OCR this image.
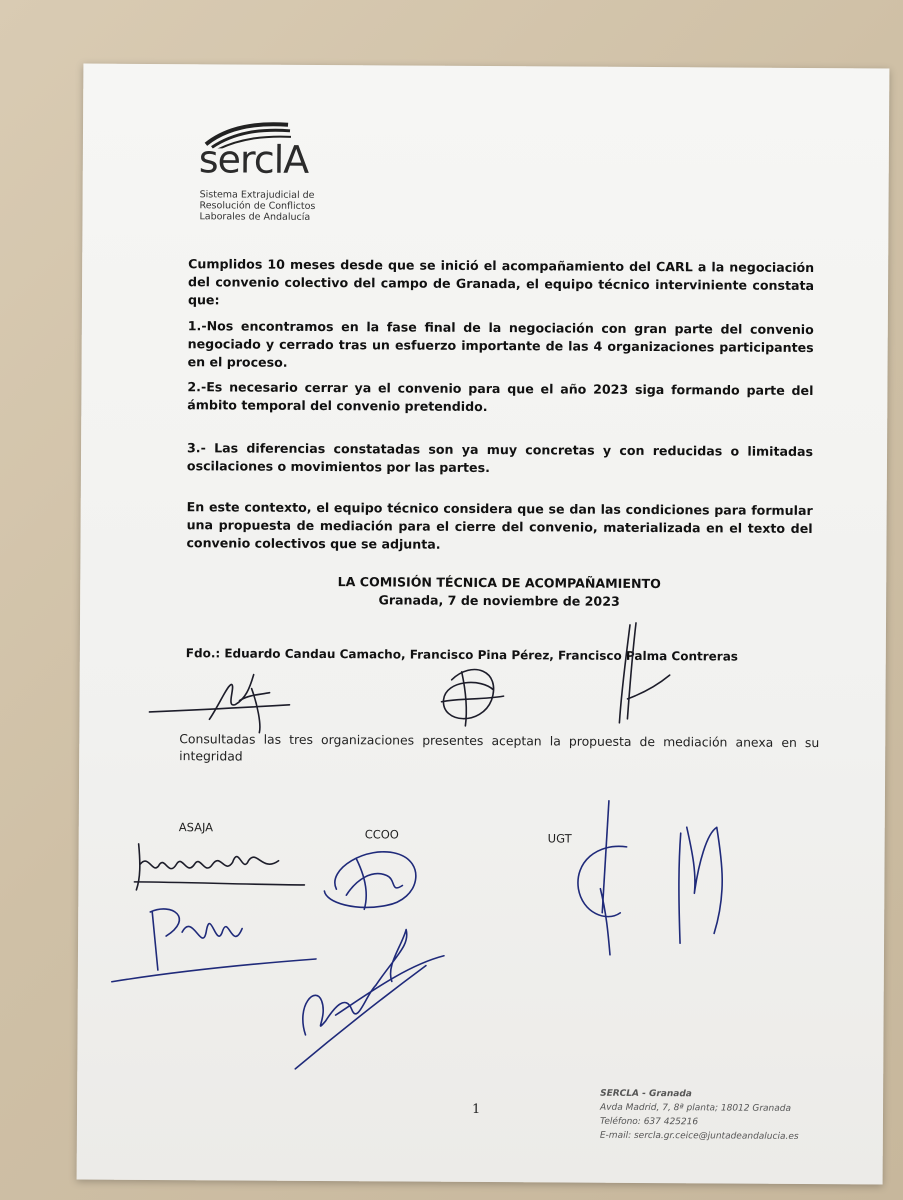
serclA
Sistema Extrajudicial de
Resolución de Conflictos
Laborales de Andalucía

Cumplidos 10 meses desde que se inició el acompañamiento del CARL a la negociación del convenio colectivo del campo de Granada, el equipo técnico interviniente constata que:

1.-Nos encontramos en la fase final de la negociación con gran parte del convenio negociado y cerrado tras un esfuerzo importante de las 4 organizaciones participantes en el proceso.

2.-Es necesario cerrar ya el convenio para que el año 2023 siga formando parte del ámbito temporal del convenio pretendido.

3.- Las diferencias constatadas son ya muy concretas y con reducidas o limitadas oscilaciones o movimientos por las partes.

En este contexto, el equipo técnico considera que se dan las condiciones para formular una propuesta de mediación para el cierre del convenio, materializada en el texto del convenio colectivos que se adjunta.

LA COMISIÓN TÉCNICA DE ACOMPAÑAMIENTO

Granada, 7 de noviembre de 2023

Fdo.: Eduardo Candau Camacho, Francisco Pina Pérez, Francisco Palma Contreras
Consultadas las tres organizaciones presentes aceptan la propuesta de mediación anexa en su integridad
ASAJA
CCOO	UGT
1
SERCLA - Granada
Avda Madrid, 7, 8ª planta; 18012 Granada
Teléfono: 637 425216
E-mail: sercla.gr.ceice@juntadeandalucia.es
